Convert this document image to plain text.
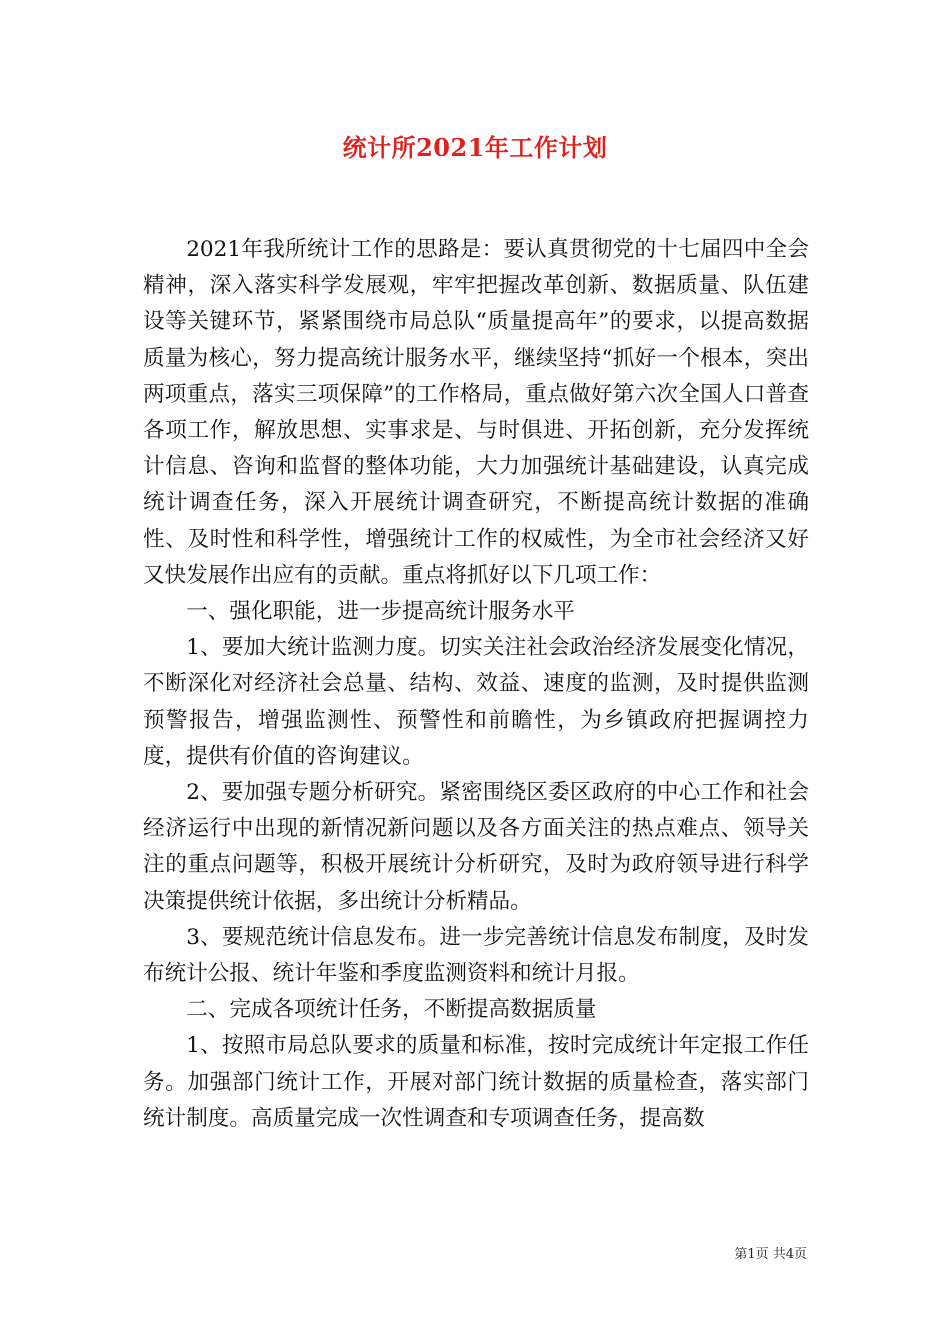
统计所2021年工作计划

2021年我所统计工作的思路是：要认真贯彻党的十七届四中全会精神，深入落实科学发展观，牢牢把握改革创新、数据质量、队伍建设等关键环节，紧紧围绕市局总队“质量提高年”的要求，以提高数据质量为核心，努力提高统计服务水平，继续坚持“抓好一个根本，突出两项重点，落实三项保障”的工作格局，重点做好第六次全国人口普查各项工作，解放思想、实事求是、与时俱进、开拓创新，充分发挥统计信息、咨询和监督的整体功能，大力加强统计基础建设，认真完成统计调查任务，深入开展统计调查研究，不断提高统计数据的准确性、及时性和科学性，增强统计工作的权威性，为全市社会经济又好又快发展作出应有的贡献。重点将抓好以下几项工作：

一、强化职能，进一步提高统计服务水平

1、要加大统计监测力度。切实关注社会政治经济发展变化情况，不断深化对经济社会总量、结构、效益、速度的监测，及时提供监测预警报告，增强监测性、预警性和前瞻性，为乡镇政府把握调控力度，提供有价值的咨询建议。

2、要加强专题分析研究。紧密围绕区委区政府的中心工作和社会经济运行中出现的新情况新问题以及各方面关注的热点难点、领导关注的重点问题等，积极开展统计分析研究，及时为政府领导进行科学决策提供统计依据，多出统计分析精品。

3、要规范统计信息发布。进一步完善统计信息发布制度，及时发布统计公报、统计年鉴和季度监测资料和统计月报。

二、完成各项统计任务，不断提高数据质量

1、按照市局总队要求的质量和标准，按时完成统计年定报工作任务。加强部门统计工作，开展对部门统计数据的质量检查，落实部门统计制度。高质量完成一次性调查和专项调查任务，提高数

第1页 共4页
